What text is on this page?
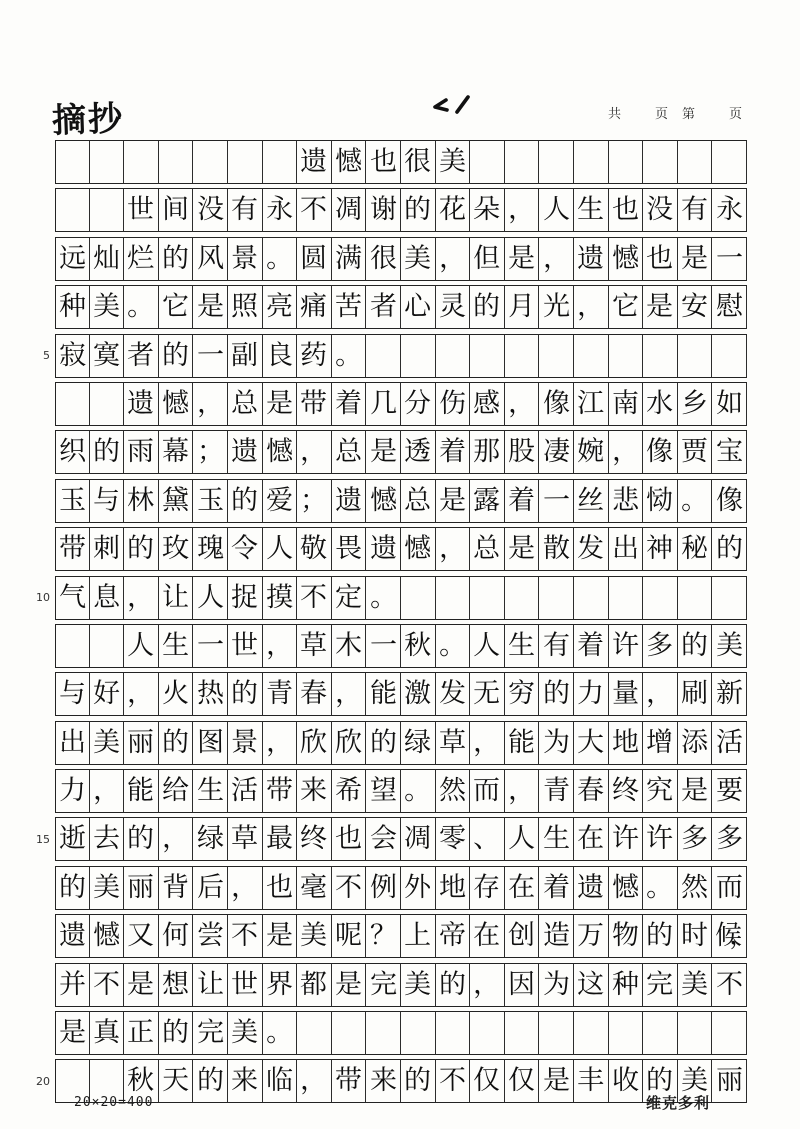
摘抄	共	页 第	页
遗 憾 也 很 美
世 间 没 有 永 不 凋 谢 的 花 朵 ， 人 生 也 没 有 永
远 灿 烂 的 风 景 。 圆 满 很 美 ， 但 是 ， 遗 憾 也 是 一
种 美 。 它 是 照 亮 痛 苦 者 心 灵 的 月 光 ， 它 是 安 慰
寂 寞 者 的 一 副 良 药 。
遗 憾 ， 总 是 带 着 几 分 伤 感 ， 像 江 南 水 乡 如
织 的 雨 幕 ； 遗 憾 ， 总 是 透 着 那 股 凄 婉 ， 像 贾 宝
玉 与 林 黛 玉 的 爱 ； 遗 憾 总 是 露 着 一 丝 悲 恸 。 像
带 刺 的 玫 瑰 令 人 敬 畏 遗 憾 ， 总 是 散 发 出 神 秘 的
气 息 ， 让 人 捉 摸 不 定 。
人 生 一 世 ， 草 木 一 秋 。 人 生 有 着 许 多 的 美
与 好 ， 火 热 的 青 春 ， 能 激 发 无 穷 的 力 量 ， 刷 新
出 美 丽 的 图 景 ， 欣 欣 的 绿 草 ， 能 为 大 地 增 添 活
力 ， 能 给 生 活 带 来 希 望 。 然 而 ， 青 春 终 究 是 要
逝 去 的 ， 绿 草 最 终 也 会 凋 零 、 人 生 在 许 许 多 多
的 美 丽 背 后 ， 也 毫 不 例 外 地 存 在 着 遗 憾 。 然 而
遗 憾 又 何 尝 不 是 美 呢 ？ 上 帝 在 创 造 万 物 的 时 候，
并 不 是 想 让 世 界 都 是 完 美 的 ， 因 为 这 种 完 美 不
是 真 正 的 完 美 。
秋 天 的 来 临 ， 带 来 的 不 仅 仅 是 丰 收 的 美 丽
5
10
15
20
20×20=400	维克多利
